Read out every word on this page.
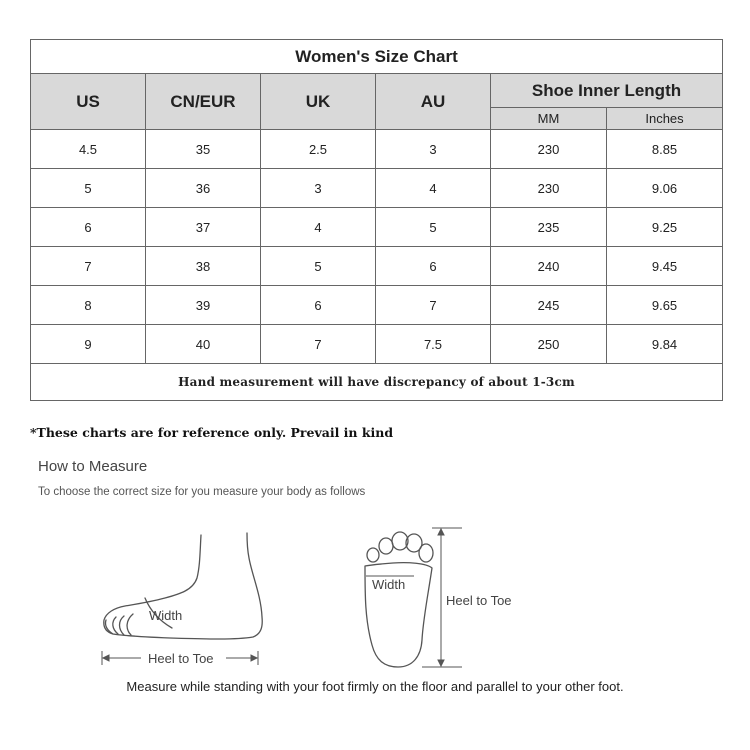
Women's Size Chart					
US	CN/EUR	UK	AU	Shoe Inner Length	
				MM	Inches
4.5	35	2.5	3	230	8.85
5	36	3	4	230	9.06
6	37	4	5	235	9.25
7	38	5	6	240	9.45
8	39	6	7	245	9.65
9	40	7	7.5	250	9.84
Hand measurement will have discrepancy of about 1-3cm					
*These charts are for reference only. Prevail in kind
How to Measure
To choose the correct size for you measure your body as follows
Width
Heel to Toe
Width
Heel to Toe
Measure while standing with your foot firmly on the floor and parallel to your other foot.
